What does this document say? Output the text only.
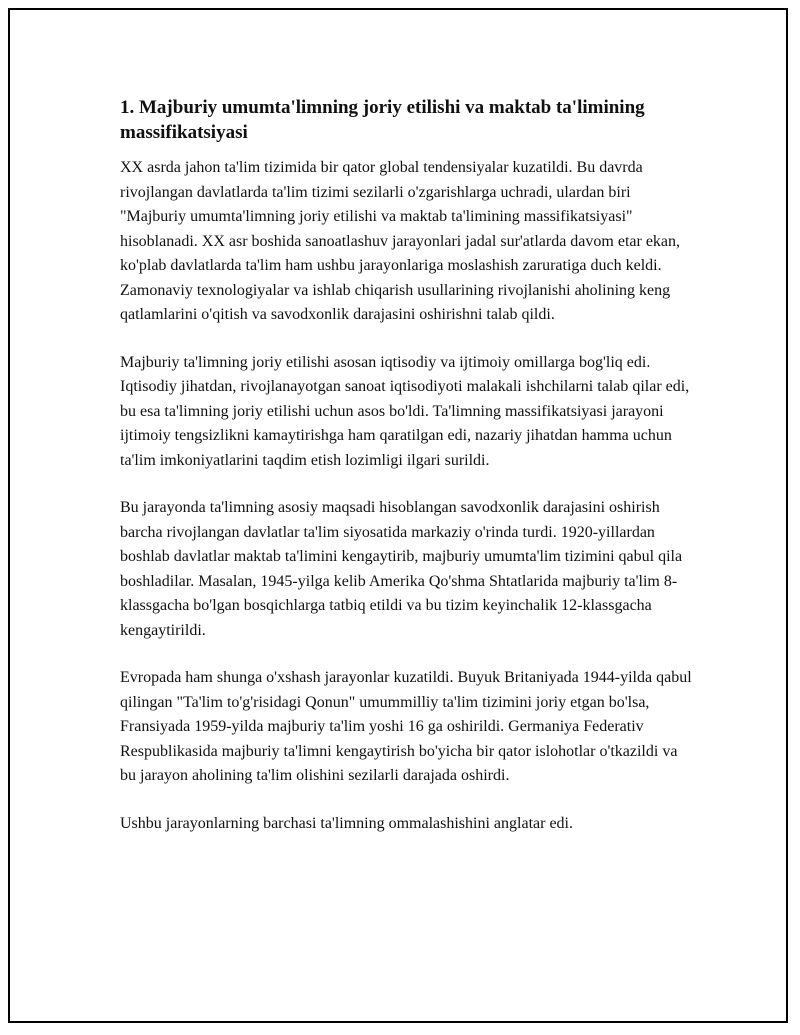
1. Majburiy umumta'limning joriy etilishi va maktab ta'limining massifikatsiyasi

XX asrda jahon ta'lim tizimida bir qator global tendensiyalar kuzatildi. Bu davrda rivojlangan davlatlarda ta'lim tizimi sezilarli o'zgarishlarga uchradi, ulardan biri "Majburiy umumta'limning joriy etilishi va maktab ta'limining massifikatsiyasi" hisoblanadi. XX asr boshida sanoatlashuv jarayonlari jadal sur'atlarda davom etar ekan, ko'plab davlatlarda ta'lim ham ushbu jarayonlariga moslashish zaruratiga duch keldi. Zamonaviy texnologiyalar va ishlab chiqarish usullarining rivojlanishi aholining keng qatlamlarini o'qitish va savodxonlik darajasini oshirishni talab qildi.

Majburiy ta'limning joriy etilishi asosan iqtisodiy va ijtimoiy omillarga bog'liq edi. Iqtisodiy jihatdan, rivojlanayotgan sanoat iqtisodiyoti malakali ishchilarni talab qilar edi, bu esa ta'limning joriy etilishi uchun asos bo'ldi. Ta'limning massifikatsiyasi jarayoni ijtimoiy tengsizlikni kamaytirishga ham qaratilgan edi, nazariy jihatdan hamma uchun ta'lim imkoniyatlarini taqdim etish lozimligi ilgari surildi.

Bu jarayonda ta'limning asosiy maqsadi hisoblangan savodxonlik darajasini oshirish barcha rivojlangan davlatlar ta'lim siyosatida markaziy o'rinda turdi. 1920-yillardan boshlab davlatlar maktab ta'limini kengaytirib, majburiy umumta'lim tizimini qabul qila boshladilar. Masalan, 1945-yilga kelib Amerika Qo'shma Shtatlarida majburiy ta'lim 8-klassgacha bo'lgan bosqichlarga tatbiq etildi va bu tizim keyinchalik 12-klassgacha kengaytirildi.

Evropada ham shunga o'xshash jarayonlar kuzatildi. Buyuk Britaniyada 1944-yilda qabul qilingan "Ta'lim to'g'risidagi Qonun" umummilliy ta'lim tizimini joriy etgan bo'lsa, Fransiyada 1959-yilda majburiy ta'lim yoshi 16 ga oshirildi. Germaniya Federativ Respublikasida majburiy ta'limni kengaytirish bo'yicha bir qator islohotlar o'tkazildi va bu jarayon aholining ta'lim olishini sezilarli darajada oshirdi.

Ushbu jarayonlarning barchasi ta'limning ommalashishini anglatar edi.
